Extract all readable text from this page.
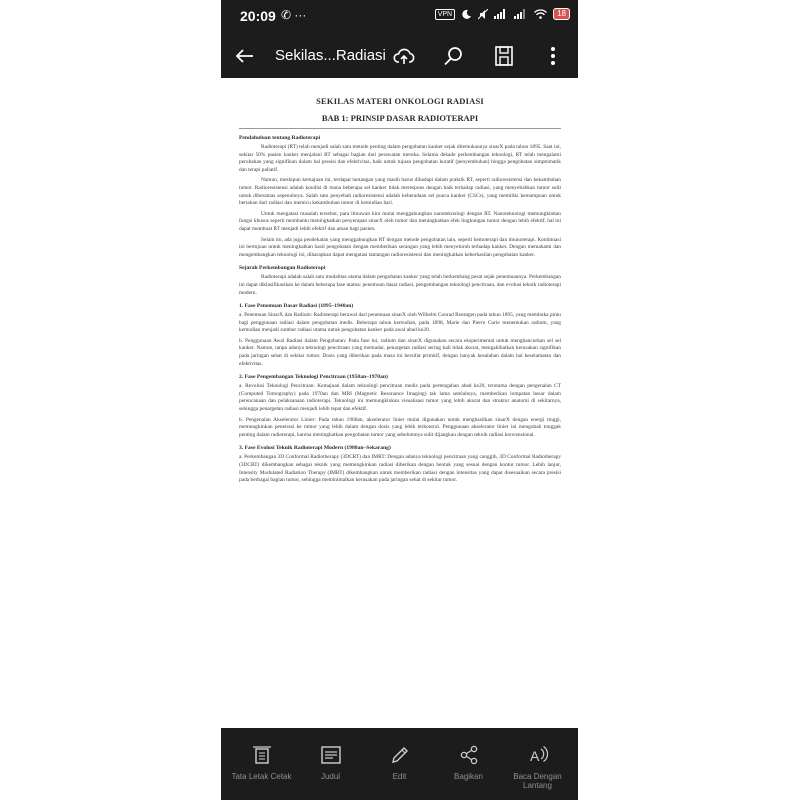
20:09 ✆ ···	VPN	18
Sekilas...Radiasi
SEKILAS MATERI ONKOLOGI RADIASI
BAB 1: PRINSIP DASAR RADIOTERAPI
Pendahuluan tentang Radioterapi

Radioterapi (RT) telah menjadi salah satu metode penting dalam pengobatan kanker sejak ditemukannya sinarX pada tahun 1895. Saat ini, sekitar 50% pasien kanker menjalani RT sebagai bagian dari perawatan mereka. Selama dekade perkembangan teknologi, RT telah mengalami perubahan yang signifikan dalam hal presisi dan efektivitas, baik untuk tujuan pengobatan kuratif (penyembuhan) hingga pengobatan simptomatik dan terapi paliatif.

Namun, meskipun kemajuan ini, terdapat tantangan yang masih harus dihadapi dalam praktik RT, seperti radioresistensi dan kekambuhan tumor. Radioresistensi adalah kondisi di mana beberapa sel kanker tidak merespons dengan baik terhadap radiasi, yang menyebabkan tumor sulit untuk diberantas sepenuhnya. Salah satu penyebab radioresistensi adalah keberadaan sel punca kanker (CSCs), yang memiliki kemampuan untuk bertahan dari radiasi dan memicu kekambuhan tumor di kemudian hari.

Untuk mengatasi masalah tersebut, para ilmuwan kini mulai menggabungkan nanoteknologi dengan RT. Nanoteknologi memungkinkan fungsi khusus seperti membantu meningkatkan penyerapan sinarX oleh tumor dan meningkatkan efek lingkungan tumor dengan lebih efektif, hal ini dapat membuat RT menjadi lebih efektif dan aman bagi pasien.

Selain itu, ada juga pendekatan yang menggabungkan RT dengan metode pengobatan lain, seperti kemoterapi dan imunoterapi. Kombinasi ini bertujuan untuk meningkatkan hasil pengobatan dengan memberikan serangan yang lebih menyeluruh terhadap kanker. Dengan memahami dan mengembangkan teknologi ini, diharapkan dapat mengatasi tantangan radioresistensi dan meningkatkan keberhasilan pengobatan kanker.

Sejarah Perkembangan Radioterapi

Radioterapi adalah salah satu modalitas utama dalam pengobatan kanker yang telah berkembang pesat sejak penemuannya. Perkembangan ini dapat diklasifikasikan ke dalam beberapa fase utama: penemuan dasar radiasi, pengembangan teknologi pencitraan, dan evolusi teknik radioterapi modern.

1. Fase Penemuan Dasar Radiasi (1895–1940an)

a. Penemuan SinarX dan Radium: Radioterapi berawal dari penemuan sinarX oleh Wilhelm Conrad Roentgen pada tahun 1895, yang membuka pintu bagi penggunaan radiasi dalam pengobatan medis. Beberapa tahun kemudian, pada 1898, Marie dan Pierre Curie menemukan radium, yang kemudian menjadi sumber radiasi utama untuk pengobatan kanker pada awal abad ke20.

b. Penggunaan Awal Radiasi dalam Pengobatan: Pada fase ini, radium dan sinarX digunakan secara eksperimental untuk menghancurkan sel sel kanker. Namun, tanpa adanya teknologi pencitraan yang memadai, penargetan radiasi sering kali tidak akurat, mengakibatkan kerusakan signifikan pada jaringan sehat di sekitar tumor. Dosis yang diberikan pada masa ini bersifat primitif, dengan banyak kesalahan dalam hal keselamatan dan efektivitas.

2. Fase Pengembangan Teknologi Pencitraan (1950an–1970an)

a. Revolusi Teknologi Pencitraan: Kemajuan dalam teknologi pencitraan medis pada pertengahan abad ke20, terutama dengan pengenalan CT (Computed Tomography) pada 1970an dan MRI (Magnetic Resonance Imaging) tak lama setelahnya, memberikan lompatan besar dalam perencanaan dan pelaksanaan radioterapi. Teknologi ini memungkinkan visualisasi tumor yang lebih akurat dan struktur anatomi di sekitarnya, sehingga penargetan radiasi menjadi lebih tepat dan efektif.

b. Pengenalan Akselerator Linier: Pada tahun 1960an, akselerator linier mulai digunakan untuk menghasilkan sinarX dengan energi tinggi, memungkinkan penetrasi ke tumor yang lebih dalam dengan dosis yang lebih terkontrol. Penggunaan akselerator linier ini mengubah tonggak penting dalam radioterapi, karena meningkatkan pengobatan tumor yang sebelumnya sulit dijangkau dengan teknik radiasi konvensional.

3. Fase Evolusi Teknik Radioterapi Modern (1980an–Sekarang)

a. Perkembangan 3D Conformal Radiotherapy (3DCRT) dan IMRT: Dengan adanya teknologi pencitraan yang canggih, 3D Conformal Radiotherapy (3DCRT) dikembangkan sebagai teknik yang memungkinkan radiasi diberikan dengan bentuk yang sesuai dengan kontur tumor. Lebih lanjut, Intensity Modulated Radiation Therapy (IMRT) dikembangkan untuk memberikan radiasi dengan intensitas yang dapat disesuaikan secara presisi pada berbagai bagian tumor, sehingga meminimalkan kerusakan pada jaringan sehat di sekitar tumor.

Tata Letak Cetak	Judul	Edit	Bagikan
A
Baca Dengan Lantang
